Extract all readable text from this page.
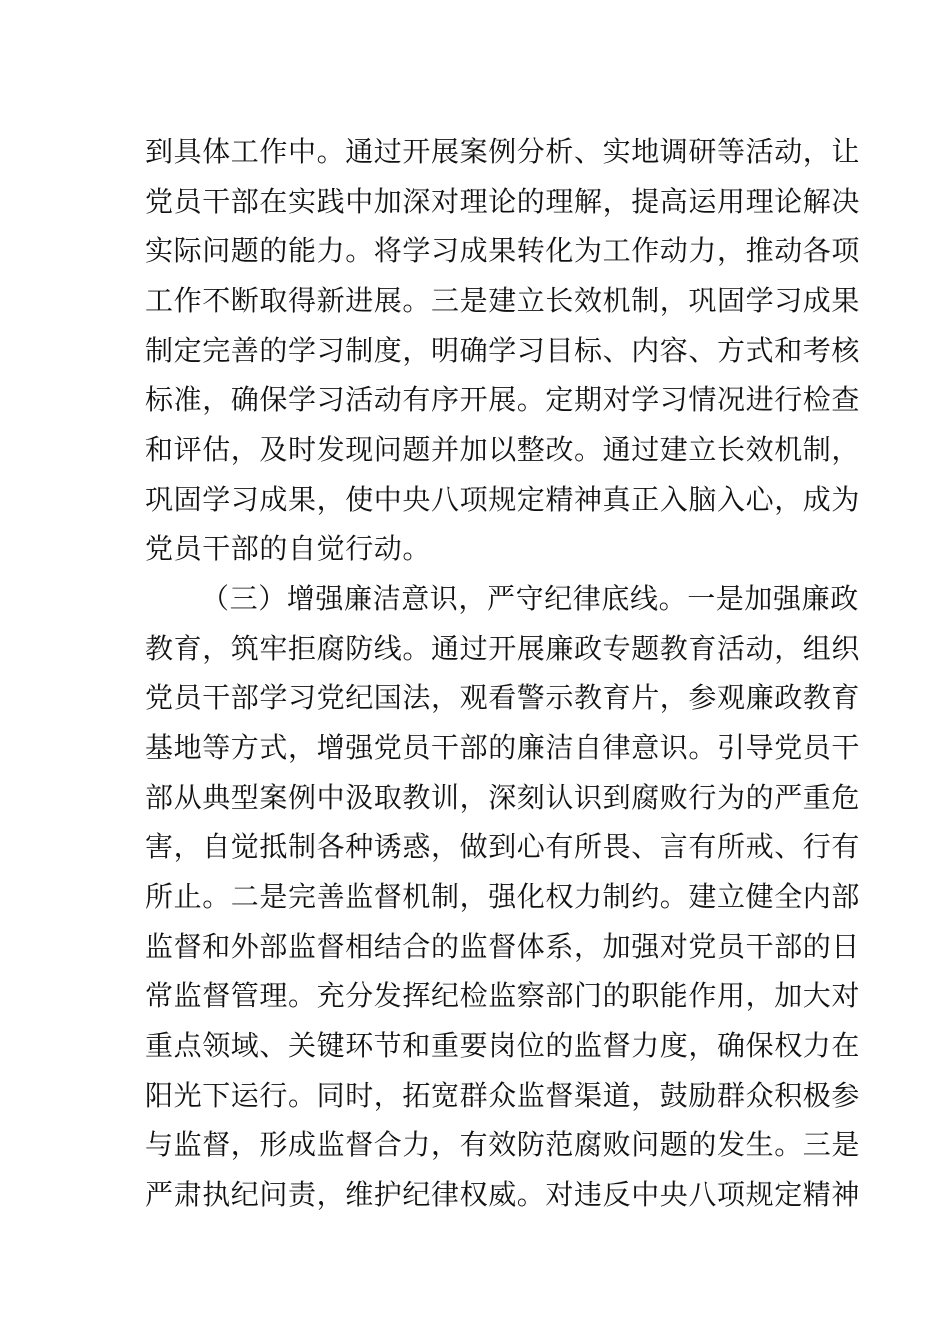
到具体工作中。通过开展案例分析、实地调研等活动，让
党员干部在实践中加深对理论的理解，提高运用理论解决
实际问题的能力。将学习成果转化为工作动力，推动各项
工作不断取得新进展。三是建立长效机制，巩固学习成果
制定完善的学习制度，明确学习目标、内容、方式和考核
标准，确保学习活动有序开展。定期对学习情况进行检查
和评估，及时发现问题并加以整改。通过建立长效机制，
巩固学习成果，使中央八项规定精神真正入脑入心，成为
党员干部的自觉行动。
（三）增强廉洁意识，严守纪律底线。一是加强廉政
教育，筑牢拒腐防线。通过开展廉政专题教育活动，组织
党员干部学习党纪国法，观看警示教育片，参观廉政教育
基地等方式，增强党员干部的廉洁自律意识。引导党员干
部从典型案例中汲取教训，深刻认识到腐败行为的严重危
害，自觉抵制各种诱惑，做到心有所畏、言有所戒、行有
所止。二是完善监督机制，强化权力制约。建立健全内部
监督和外部监督相结合的监督体系，加强对党员干部的日
常监督管理。充分发挥纪检监察部门的职能作用，加大对
重点领域、关键环节和重要岗位的监督力度，确保权力在
阳光下运行。同时，拓宽群众监督渠道，鼓励群众积极参
与监督，形成监督合力，有效防范腐败问题的发生。三是
严肃执纪问责，维护纪律权威。对违反中央八项规定精神
